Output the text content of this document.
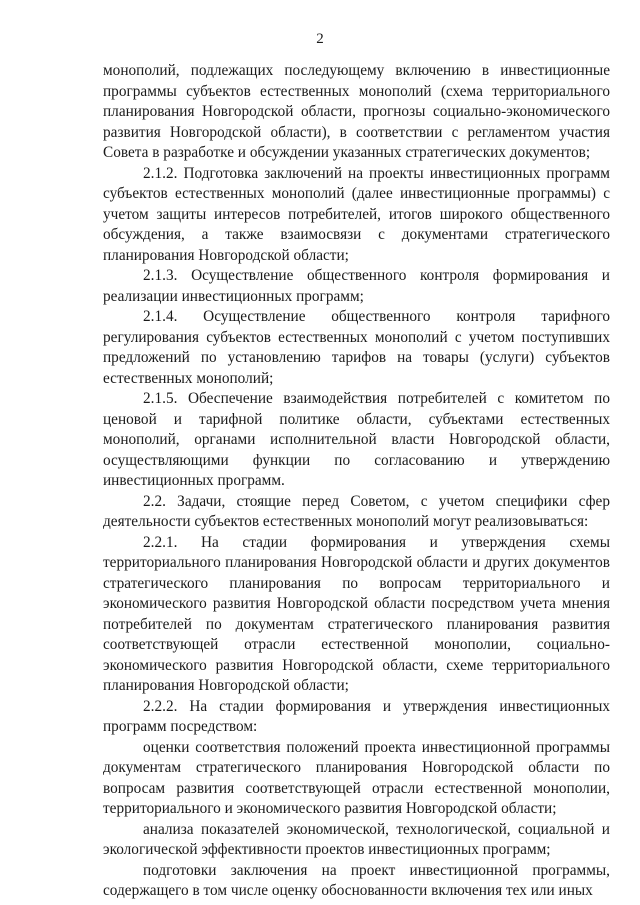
2

монополий, подлежащих последующему включению в инвестиционные программы субъектов естественных монополий (схема территориального планирования Новгородской области, прогнозы социально-экономического развития Новгородской области), в соответствии с регламентом участия Совета в разработке и обсуждении указанных стратегических документов;

2.1.2. Подготовка заключений на проекты инвестиционных программ субъектов естественных монополий (далее инвестиционные программы) с учетом защиты интересов потребителей, итогов широкого общественного обсуждения, а также взаимосвязи с документами стратегического планирования Новгородской области;

2.1.3. Осуществление общественного контроля формирования и реализации инвестиционных программ;

2.1.4. Осуществление общественного контроля тарифного регулирования субъектов естественных монополий с учетом поступивших предложений по установлению тарифов на товары (услуги) субъектов естественных монополий;

2.1.5. Обеспечение взаимодействия потребителей с комитетом по ценовой и тарифной политике области, субъектами естественных монополий, органами исполнительной власти Новгородской области, осуществляющими функции по согласованию и утверждению инвестиционных программ.

2.2. Задачи, стоящие перед Советом, с учетом специфики сфер деятельности субъектов естественных монополий могут реализовываться:

2.2.1. На стадии формирования и утверждения схемы территориального планирования Новгородской области и других документов стратегического планирования по вопросам территориального и экономического развития Новгородской области посредством учета мнения потребителей по документам стратегического планирования развития соответствующей отрасли естественной монополии, социально-экономического развития Новгородской области, схеме территориального планирования Новгородской области;

2.2.2. На стадии формирования и утверждения инвестиционных программ посредством:

оценки соответствия положений проекта инвестиционной программы документам стратегического планирования Новгородской области по вопросам развития соответствующей отрасли естественной монополии, территориального и экономического развития Новгородской области;

анализа показателей экономической, технологической, социальной и экологической эффективности проектов инвестиционных программ;

подготовки заключения на проект инвестиционной программы, содержащего в том числе оценку обоснованности включения тех или иных
